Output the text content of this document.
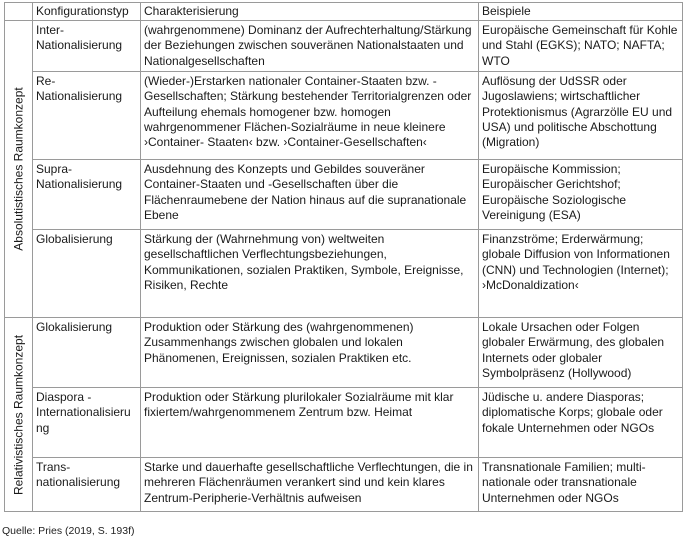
	Konfigurationstyp	Charakterisierung	Beispiele

Absolutistisches Raumkonzept	Inter-Nationalisierung	(wahrgenommene) Dominanz der Aufrechterhaltung/Stärkung der Beziehungen zwischen souveränen Nationalstaaten und Nationalgesellschaften	Europäische Gemeinschaft für Kohle und Stahl (EGKS); NATO; NAFTA; WTO
	Re-Nationalisierung	(Wieder-)Erstarken nationaler Container-Staaten bzw. -Gesellschaften; Stärkung bestehender Territorialgrenzen oder Aufteilung ehemals homogener bzw. homogen wahrgenommener Flächen-Sozialräume in neue kleinere ›Container- Staaten‹ bzw. ›Container-Gesellschaften‹	Auflösung der UdSSR oder Jugoslawiens; wirtschaftlicher Protektionismus (Agrarzölle EU und USA) und politische Abschottung (Migration)
	Supra-Nationalisierung	Ausdehnung des Konzepts und Gebildes souveräner Container-Staaten und -Gesellschaften über die Flächenraumebene der Nation hinaus auf die supranationale Ebene	Europäische Kommission; Europäischer Gerichtshof; Europäische Soziologische Vereinigung (ESA)
	Globalisierung	Stärkung der (Wahrnehmung von) weltweiten gesellschaftlichen Verflechtungsbeziehungen, Kommunikationen, sozialen Praktiken, Symbole, Ereignisse, Risiken, Rechte	Finanzströme; Erderwärmung; globale Diffusion von Informationen (CNN) und Technologien (Internet); ›McDonaldization‹

Relativistisches Raumkonzept	Glokalisierung	Produktion oder Stärkung des (wahrgenommenen) Zusammenhangs zwischen globalen und lokalen Phänomenen, Ereignissen, sozialen Praktiken etc.	Lokale Ursachen oder Folgen globaler Erwärmung, des globalen Internets oder globaler Symbolpräsenz (Hollywood)
	Diaspora -Internationalisierung	Produktion oder Stärkung plurilokaler Sozialräume mit klar fixiertem/wahrgenommenem Zentrum bzw. Heimat	Jüdische u. andere Diasporas; diplomatische Korps; globale oder fokale Unternehmen oder NGOs
	Trans-nationalisierung	Starke und dauerhafte gesellschaftliche Verflechtungen, die in mehreren Flächenräumen verankert sind und kein klares Zentrum-Peripherie-Verhältnis aufweisen	Transnationale Familien; multi-nationale oder transnationale Unternehmen oder NGOs
Quelle: Pries (2019, S. 193f)
